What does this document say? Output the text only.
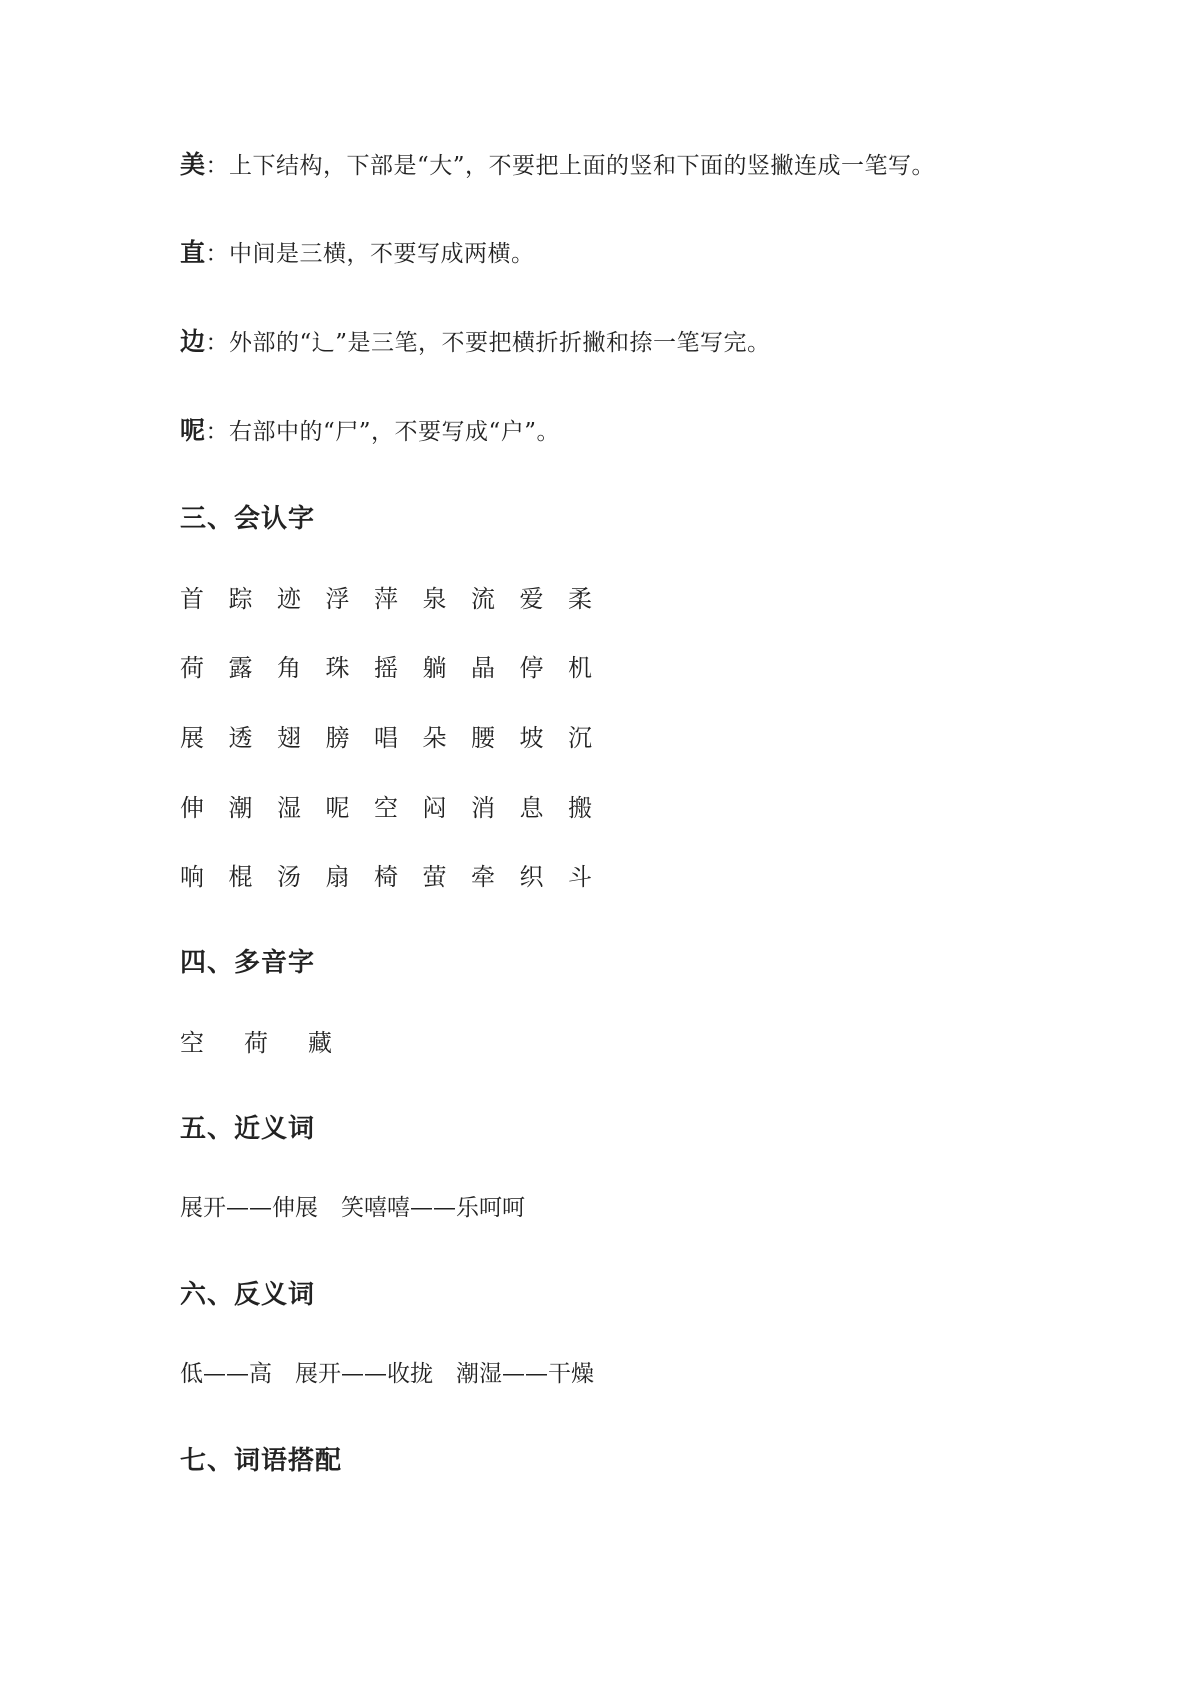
美：上下结构，下部是“大”，不要把上面的竖和下面的竖撇连成一笔写。
直：中间是三横，不要写成两横。
边：外部的“辶”是三笔，不要把横折折撇和捺一笔写完。
呢：右部中的“尸”，不要写成“户”。
三、会认字
首 踪 迹 浮 萍 泉 流 爱 柔
荷 露 角 珠 摇 躺 晶 停 机
展 透 翅 膀 唱 朵 腰 坡 沉
伸 潮 湿 呢 空 闷 消 息 搬
响 棍 汤 扇 椅 萤 牵 织 斗
四、多音字
空 荷 藏
五、近义词
展开——伸展　笑嘻嘻——乐呵呵
六、反义词
低——高　展开——收拢　潮湿——干燥
七、词语搭配
